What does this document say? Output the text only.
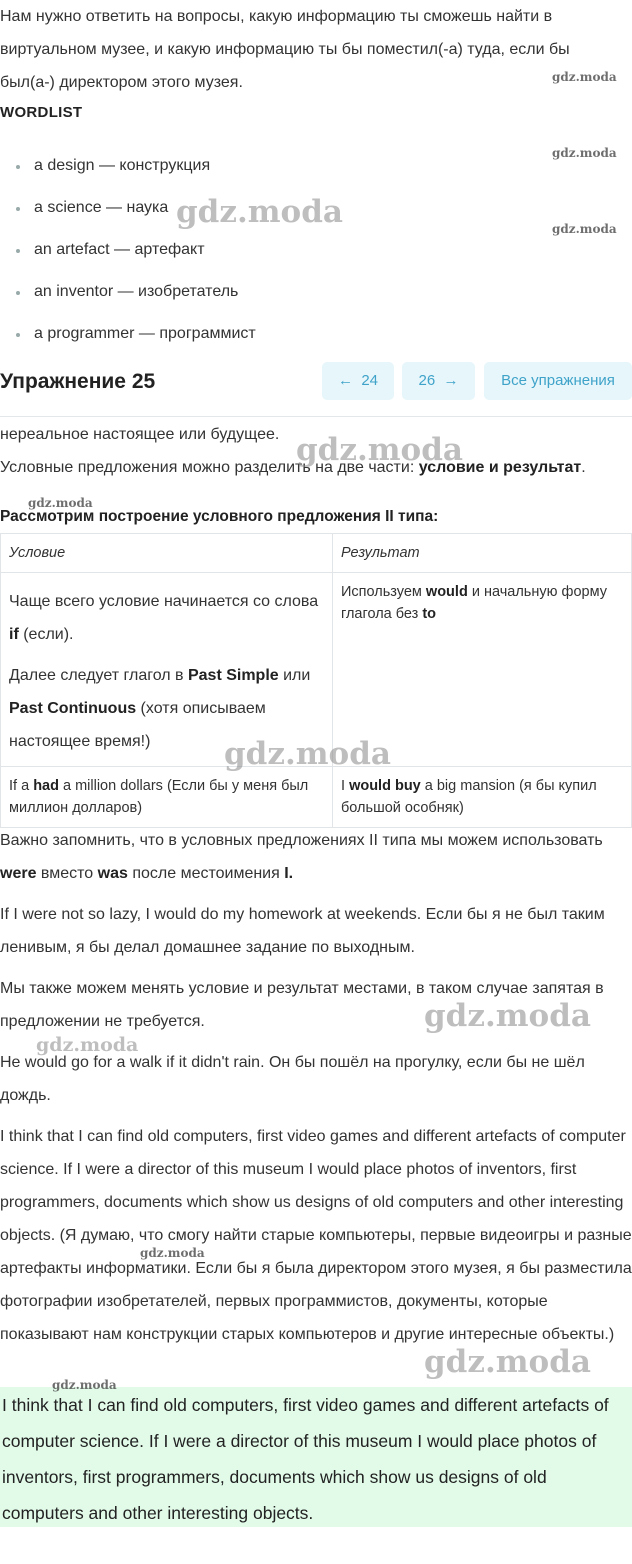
Нам нужно ответить на вопросы, какую информацию ты сможешь найти в

виртуальном музее, и какую информацию ты бы поместил(-а) туда, если бы

был(а-) директором этого музея.

WORDLIST
a design — конструкция
a science — наука
an artefact — артефакт
an inventor — изобретатель
a programmer — программист
Упражнение 25	← 24	26 →	Все упражнения

нереальное настоящее или будущее.

Условные предложения можно разделить на две части: условие и результат.

Рассмотрим построение условного предложения II типа:
Условие	Результат

Чаще всего условие начинается со слова if (если).
Далее следует глагол в Past Simple или Past Continuous (хотя описываем настоящее время!)	Используем would и начальную форму глагола без to
If a had a million dollars (Если бы у меня был миллион долларов)	I would buy a big mansion (я бы купил большой особняк)

Важно запомнить, что в условных предложениях II типа мы можем использовать were вместо was после местоимения I.

If I were not so lazy, I would do my homework at weekends. Если бы я не был таким ленивым, я бы делал домашнее задание по выходным.

Мы также можем менять условие и результат местами, в таком случае запятая в предложении не требуется.

He would go for a walk if it didn't rain. Он бы пошёл на прогулку, если бы не шёл дождь.

I think that I can find old computers, first video games and different artefacts of computer science. If I were a director of this museum I would place photos of inventors, first programmers, documents which show us designs of old computers and other interesting objects. (Я думаю, что смогу найти старые компьютеры, первые видеоигры и разные артефакты информатики. Если бы я была директором этого музея, я бы разместила фотографии изобретателей, первых программистов, документы, которые показывают нам конструкции старых компьютеров и другие интересные объекты.)

I think that I can find old computers, first video games and different artefacts of computer science. If I were a director of this museum I would place photos of inventors, first programmers, documents which show us designs of old computers and other interesting objects.

gdz.moda
gdz.moda
gdz.moda
gdz.moda
gdz.moda
gdz.moda
gdz.moda
gdz.moda
gdz.moda
gdz.moda
gdz.moda
gdz.moda
